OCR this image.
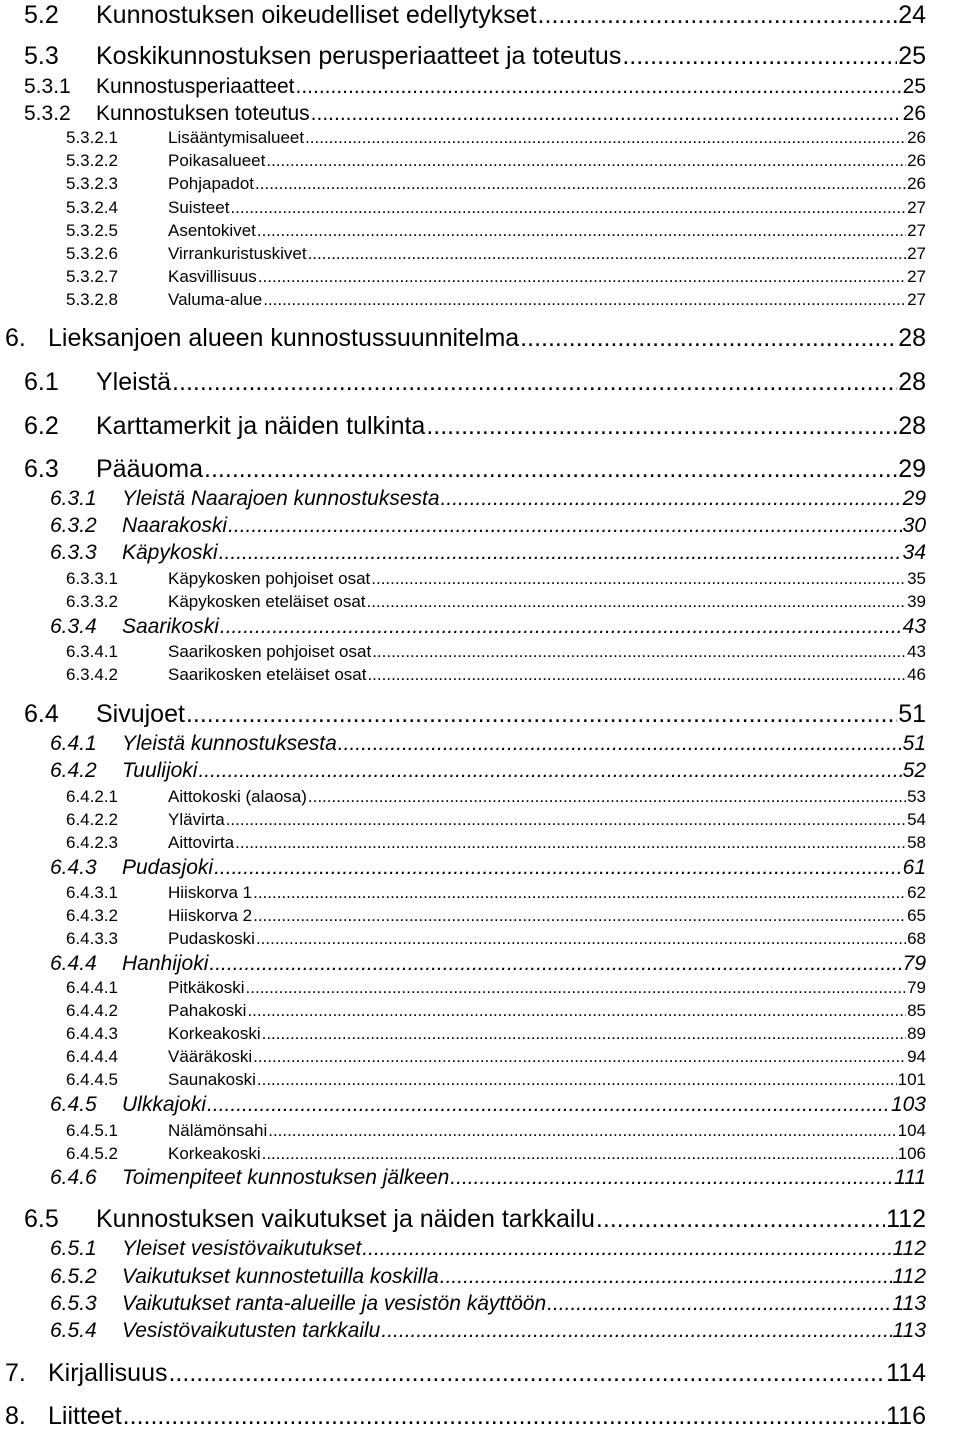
5.2	Kunnostuksen oikeudelliset edellytykset .....	24
5.3	Koskikunnostuksen perusperiaatteet ja toteutus .....	25
5.3.1	Kunnostusperiaatteet .....	25
5.3.2	Kunnostuksen toteutus .....	26
5.3.2.1	Lisääntymisalueet .....	26
5.3.2.2	Poikasalueet .....	26
5.3.2.3	Pohjapadot .....	26
5.3.2.4	Suisteet .....	27
5.3.2.5	Asentokivet .....	27
5.3.2.6	Virrankuristuskivet .....	27
5.3.2.7	Kasvillisuus .....	27
5.3.2.8	Valuma-alue .....	27
6. Lieksanjoen alueen kunnostussuunnitelma .....	28
6.1	Yleistä .....	28
6.2	Karttamerkit ja näiden tulkinta .....	28
6.3	Pääuoma .....	29
6.3.1	Yleistä Naarajoen kunnostuksesta .....	29
6.3.2	Naarakoski .....	30
6.3.3	Käpykoski .....	34
6.3.3.1	Käpykosken pohjoiset osat .....	35
6.3.3.2	Käpykosken eteläiset osat .....	39
6.3.4	Saarikoski .....	43
6.3.4.1	Saarikosken pohjoiset osat .....	43
6.3.4.2	Saarikosken eteläiset osat .....	46
6.4	Sivujoet .....	51
6.4.1	Yleistä kunnostuksesta .....	51
6.4.2	Tuulijoki .....	52
6.4.2.1	Aittokoski (alaosa) .....	53
6.4.2.2	Ylävirta .....	54
6.4.2.3	Aittovirta .....	58
6.4.3	Pudasjoki .....	61
6.4.3.1	Hiiskorva 1 .....	62
6.4.3.2	Hiiskorva 2 .....	65
6.4.3.3	Pudaskoski .....	68
6.4.4	Hanhijoki .....	79
6.4.4.1	Pitkäkoski .....	79
6.4.4.2	Pahakoski .....	85
6.4.4.3	Korkeakoski .....	89
6.4.4.4	Vääräkoski .....	94
6.4.4.5	Saunakoski .....	101
6.4.5	Ulkkajoki .....	103
6.4.5.1	Nälämönsahi .....	104
6.4.5.2	Korkeakoski .....	106
6.4.6	Toimenpiteet kunnostuksen jälkeen .....	111
6.5	Kunnostuksen vaikutukset ja näiden tarkkailu .....	112
6.5.1	Yleiset vesistövaikutukset .....	112
6.5.2	Vaikutukset kunnostetuilla koskilla .....	112
6.5.3	Vaikutukset ranta-alueille ja vesistön käyttöön .....	113
6.5.4	Vesistövaikutusten tarkkailu .....	113
7. Kirjallisuus .....	114
8. Liitteet .....	116
